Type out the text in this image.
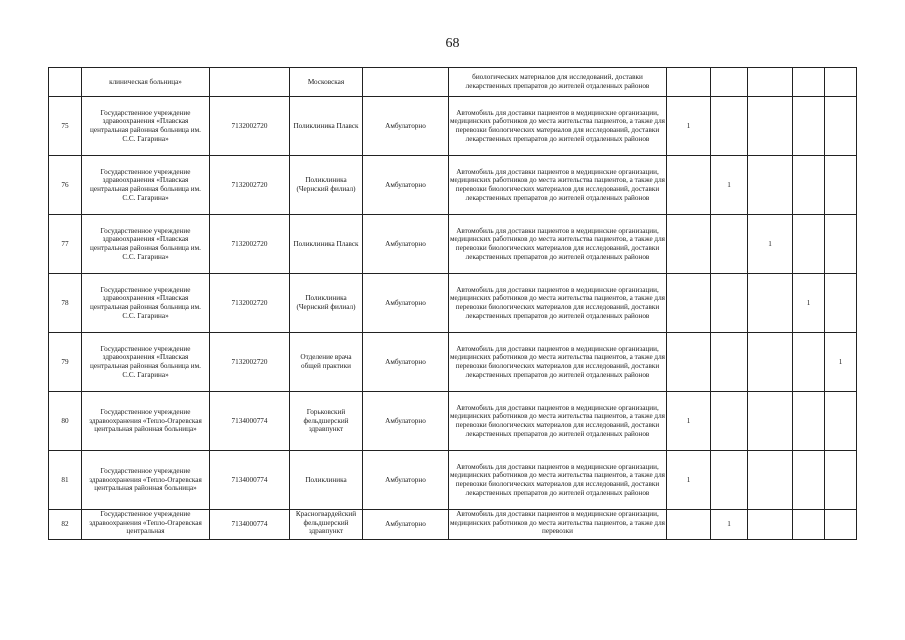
68
	клиническая больница»		Московская		биологических материалов для исследований, доставки лекарственных препаратов до жителей отдаленных районов					
75	Государственное учреждение здравоохранения «Плавская центральная районная больница им. С.С. Гагарина»	7132002720	Поликлиника Плавск	Амбулаторно	Автомобиль для доставки пациентов в медицинские организации, медицинских работников до места жительства пациентов, а также для перевозки биологических материалов для исследований, доставки лекарственных препаратов до жителей отдаленных районов	1				
76	Государственное учреждение здравоохранения «Плавская центральная районная больница им. С.С. Гагарина»	7132002720	Поликлиника (Чернский филиал)	Амбулаторно	Автомобиль для доставки пациентов в медицинские организации, медицинских работников до места жительства пациентов, а также для перевозки биологических материалов для исследований, доставки лекарственных препаратов до жителей отдаленных районов		1			
77	Государственное учреждение здравоохранения «Плавская центральная районная больница им. С.С. Гагарина»	7132002720	Поликлиника Плавск	Амбулаторно	Автомобиль для доставки пациентов в медицинские организации, медицинских работников до места жительства пациентов, а также для перевозки биологических материалов для исследований, доставки лекарственных препаратов до жителей отдаленных районов			1		
78	Государственное учреждение здравоохранения «Плавская центральная районная больница им. С.С. Гагарина»	7132002720	Поликлиника (Чернский филиал)	Амбулаторно	Автомобиль для доставки пациентов в медицинские организации, медицинских работников до места жительства пациентов, а также для перевозки биологических материалов для исследований, доставки лекарственных препаратов до жителей отдаленных районов				1	
79	Государственное учреждение здравоохранения «Плавская центральная районная больница им. С.С. Гагарина»	7132002720	Отделение врача общей практики	Амбулаторно	Автомобиль для доставки пациентов в медицинские организации, медицинских работников до места жительства пациентов, а также для перевозки биологических материалов для исследований, доставки лекарственных препаратов до жителей отдаленных районов					1
80	Государственное учреждение здравоохранения «Тепло-Огаревская центральная районная больница»	7134000774	Горьковский фельдшерский здравпункт	Амбулаторно	Автомобиль для доставки пациентов в медицинские организации, медицинских работников до места жительства пациентов, а также для перевозки биологических материалов для исследований, доставки лекарственных препаратов до жителей отдаленных районов	1				
81	Государственное учреждение здравоохранения «Тепло-Огаревская центральная районная больница»	7134000774	Поликлиника	Амбулаторно	Автомобиль для доставки пациентов в медицинские организации, медицинских работников до места жительства пациентов, а также для перевозки биологических материалов для исследований, доставки лекарственных препаратов до жителей отдаленных районов	1				
82	Государственное учреждение здравоохранения «Тепло-Огаревская центральная	7134000774	Красногвардейский фельдшерский здравпункт	Амбулаторно	Автомобиль для доставки пациентов в медицинские организации, медицинских работников до места жительства пациентов, а также для перевозки		1			
